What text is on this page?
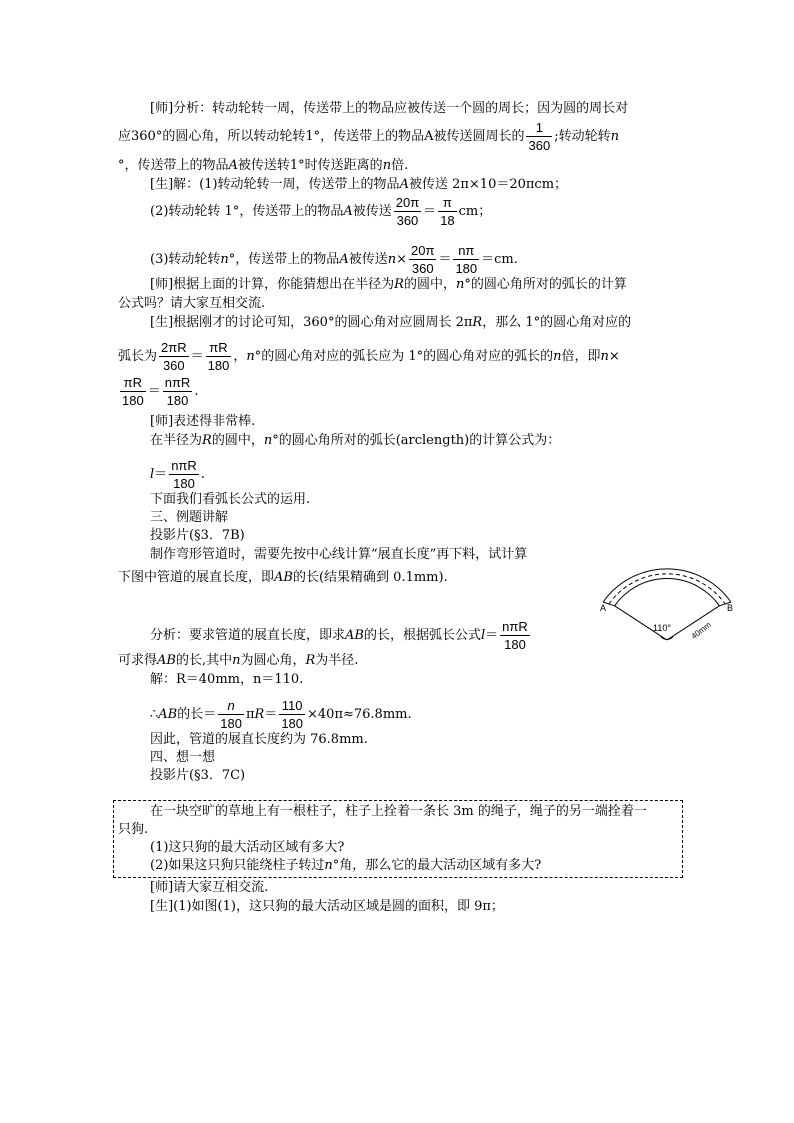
[师]分析：转动轮转一周，传送带上的物品应被传送一个圆的周长；因为圆的周长对
应360°的圆心角，所以转动轮转1°，传送带上的物品A被传送圆周长的 $\frac{1}{360}$ ;转动轮转n
°，传送带上的物品A被传送转1°时传送距离的n倍.
[生]解：(1)转动轮转一周，传送带上的物品A被传送 2π×10＝20πcm；
(2)转动轮转 1°，传送带上的物品A被传送 $\frac{20\pi}{360} = \frac{\pi}{18}$ cm；
(3)转动轮转n°，传送带上的物品A被传送$n\times \frac{20\pi}{360} = \frac{n\pi}{180} =cm$.
[师]根据上面的计算，你能猜想出在半径为R的圆中，n°的圆心角所对的弧长的计算
公式吗？请大家互相交流.
[生]根据刚才的讨论可知，360°的圆心角对应圆周长 2πR，那么 1°的圆心角对应的
弧长为 $\frac{2\pi R}{360} = \frac{\pi R}{180}$ ，n°的圆心角对应的弧长应为 1°的圆心角对应的弧长的n倍，即n×
$\frac{\pi R}{180} = \frac{\text{nπR}}{180}$ .
[师]表述得非常棒.
在半径为R的圆中，n°的圆心角所对的弧长(arclength)的计算公式为：
$l= \frac{\text{nπR}}{180}$ .
下面我们看弧长公式的运用.
三、例题讲解
投影片(§3．7B)
制作弯形管道时，需要先按中心线计算“展直长度”再下料，试计算
下图中管道的展直长度，即AB的长(结果精确到 0.1mm).
分析：要求管道的展直长度，即求AB的长，根据弧长公式$l= \frac{\text{nπR}}{180}$
可求得AB的长,其中n为圆心角，R为半径.
解：R＝40mm，n＝110.
∴AB的长＝ $\frac{n}{180} \pi R= \frac{110}{180} \times 40\pi\approx 76.8mm$.
因此，管道的展直长度约为 76.8mm.
四、想一想
投影片(§3．7C)
在一块空旷的草地上有一根柱子，柱子上拴着一条长 3m 的绳子，绳子的另一端拴着一
只狗.
(1)这只狗的最大活动区域有多大?
(2)如果这只狗只能绕柱子转过n°角，那么它的最大活动区域有多大?
[师]请大家互相交流.
[生](1)如图(1)，这只狗的最大活动区域是圆的面积，即 9π；
A	B
110° 40mm
